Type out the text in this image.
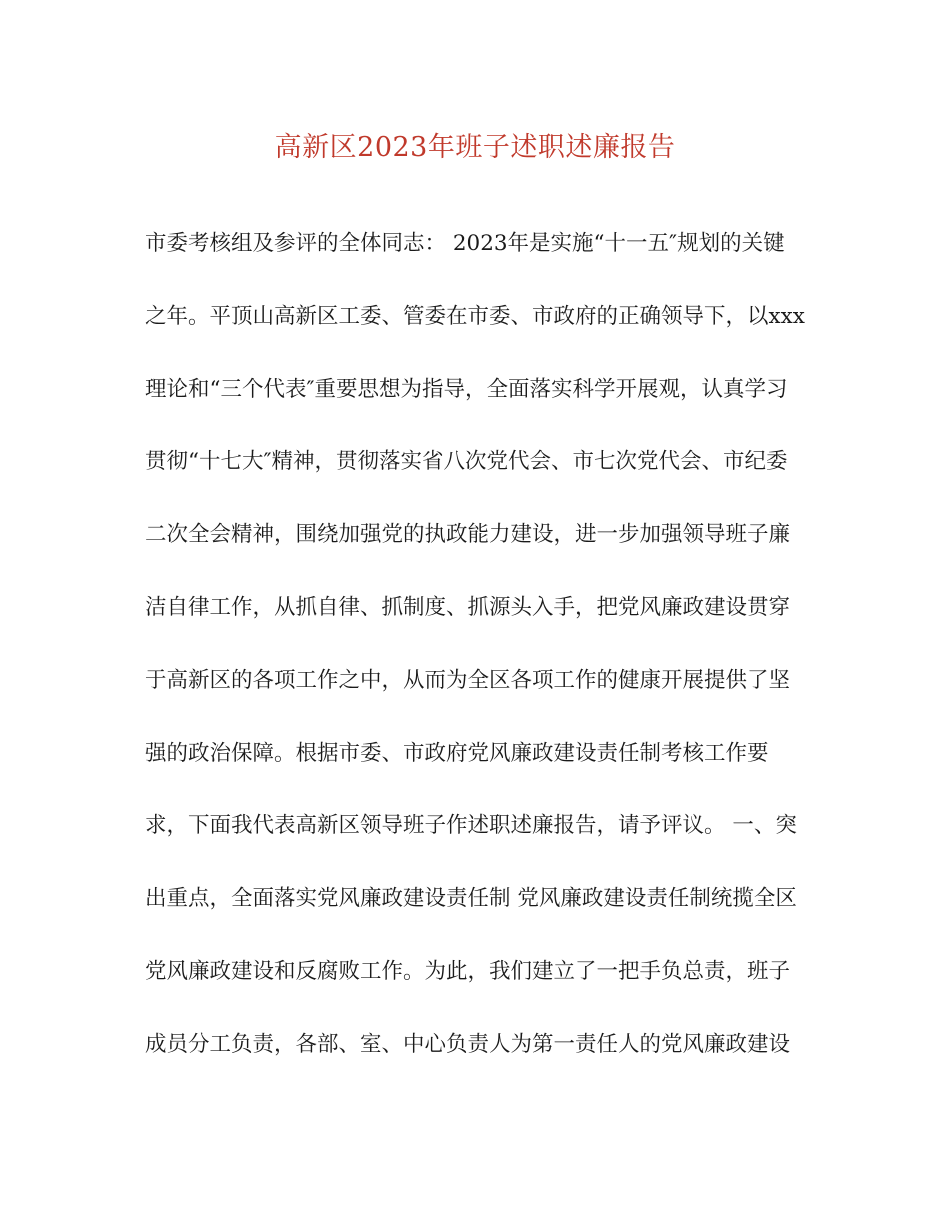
高新区2023年班子述职述廉报告
市委考核组及参评的全体同志： 2023年是实施“十一五″规划的关键
之年。平顶山高新区工委、管委在市委、市政府的正确领导下，以xxx
理论和“三个代表″重要思想为指导，全面落实科学开展观，认真学习
贯彻“十七大″精神，贯彻落实省八次党代会、市七次党代会、市纪委
二次全会精神，围绕加强党的执政能力建设，进一步加强领导班子廉
洁自律工作，从抓自律、抓制度、抓源头入手，把党风廉政建设贯穿
于高新区的各项工作之中，从而为全区各项工作的健康开展提供了坚
强的政治保障。根据市委、市政府党风廉政建设责任制考核工作要
求，下面我代表高新区领导班子作述职述廉报告，请予评议。 一、突
出重点，全面落实党风廉政建设责任制 党风廉政建设责任制统揽全区
党风廉政建设和反腐败工作。为此，我们建立了一把手负总责，班子
成员分工负责，各部、室、中心负责人为第一责任人的党风廉政建设
